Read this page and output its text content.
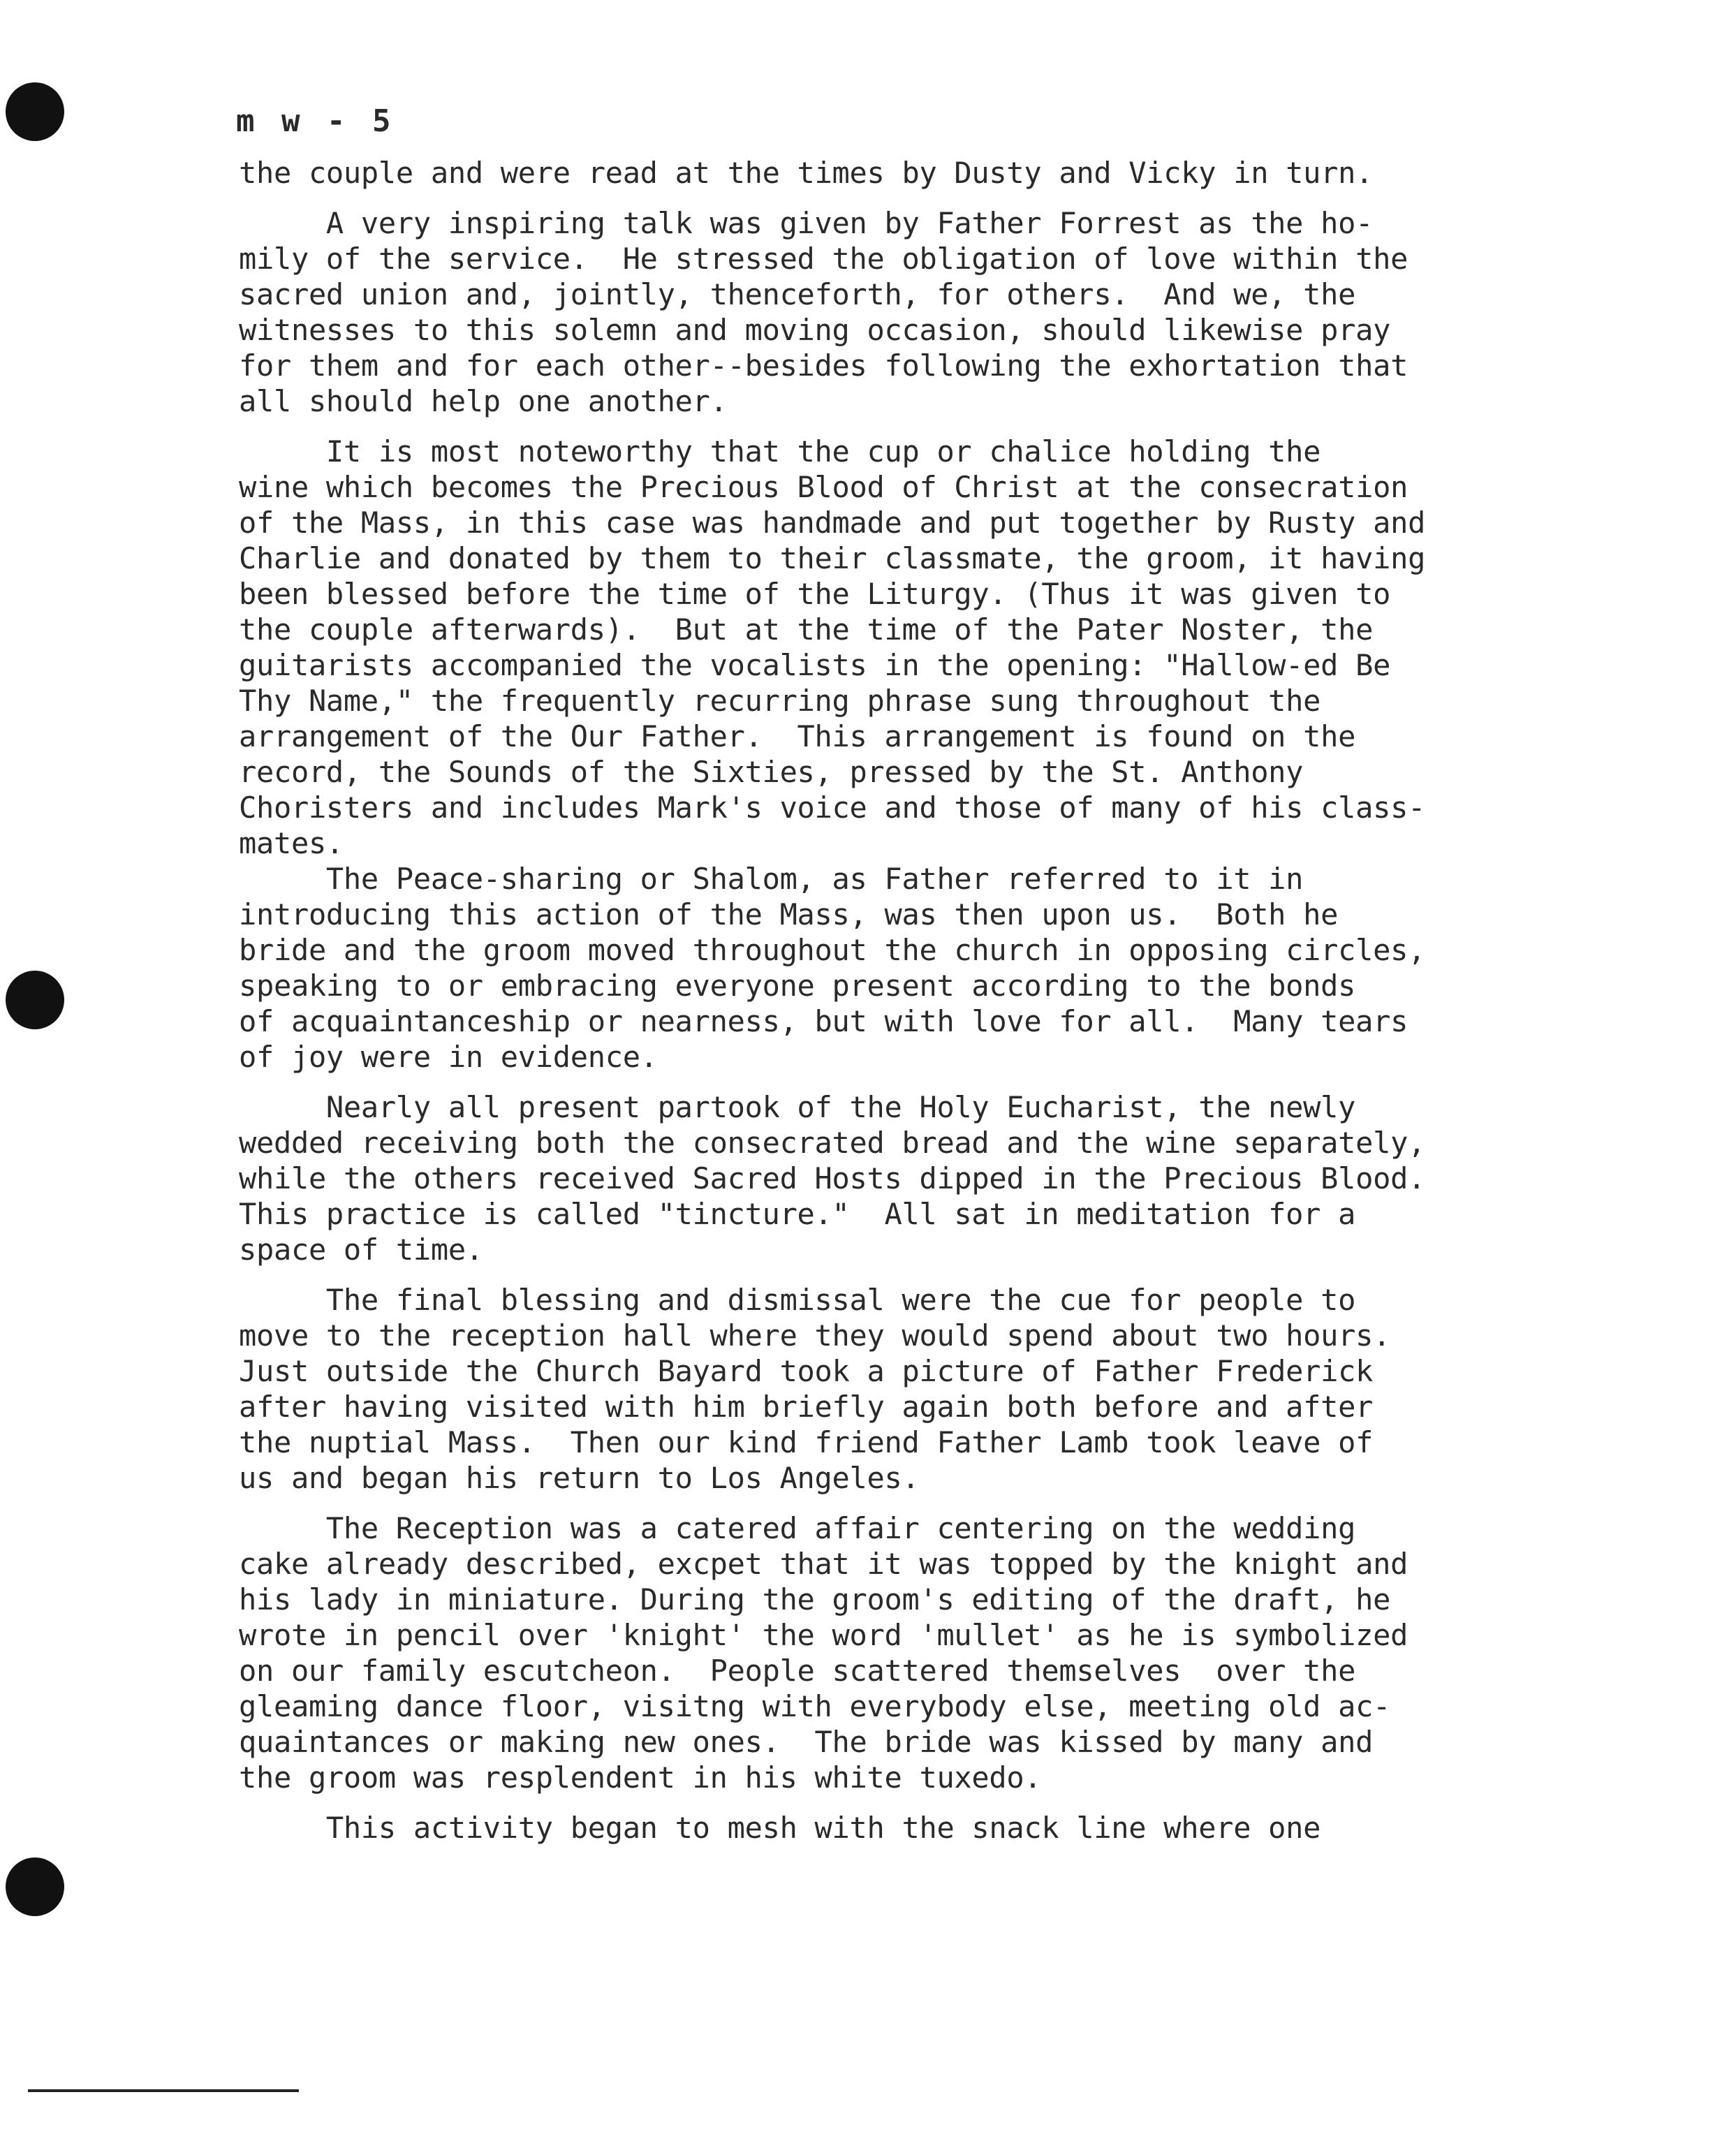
m w - 5
the couple and were read at the times by Dusty and Vicky in turn.
A very inspiring talk was given by Father Forrest as the ho-
mily of the service.  He stressed the obligation of love within the
sacred union and, jointly, thenceforth, for others.  And we, the
witnesses to this solemn and moving occasion, should likewise pray
for them and for each other--besides following the exhortation that
all should help one another.
It is most noteworthy that the cup or chalice holding the
wine which becomes the Precious Blood of Christ at the consecration
of the Mass, in this case was handmade and put together by Rusty and
Charlie and donated by them to their classmate, the groom, it having
been blessed before the time of the Liturgy. (Thus it was given to
the couple afterwards).  But at the time of the Pater Noster, the
guitarists accompanied the vocalists in the opening: "Hallow-ed Be
Thy Name," the frequently recurring phrase sung throughout the
arrangement of the Our Father.  This arrangement is found on the
record, the Sounds of the Sixties, pressed by the St. Anthony
Choristers and includes Mark's voice and those of many of his class-
mates.
The Peace-sharing or Shalom, as Father referred to it in
introducing this action of the Mass, was then upon us.  Both he
bride and the groom moved throughout the church in opposing circles,
speaking to or embracing everyone present according to the bonds
of acquaintanceship or nearness, but with love for all.  Many tears
of joy were in evidence.
Nearly all present partook of the Holy Eucharist, the newly
wedded receiving both the consecrated bread and the wine separately,
while the others received Sacred Hosts dipped in the Precious Blood.
This practice is called "tincture."  All sat in meditation for a
space of time.
The final blessing and dismissal were the cue for people to
move to the reception hall where they would spend about two hours.
Just outside the Church Bayard took a picture of Father Frederick
after having visited with him briefly again both before and after
the nuptial Mass.  Then our kind friend Father Lamb took leave of
us and began his return to Los Angeles.
The Reception was a catered affair centering on the wedding
cake already described, excpet that it was topped by the knight and
his lady in miniature. During the groom's editing of the draft, he
wrote in pencil over 'knight' the word 'mullet' as he is symbolized
on our family escutcheon.  People scattered themselves  over the
gleaming dance floor, visitng with everybody else, meeting old ac-
quaintances or making new ones.  The bride was kissed by many and
the groom was resplendent in his white tuxedo.
This activity began to mesh with the snack line where one
